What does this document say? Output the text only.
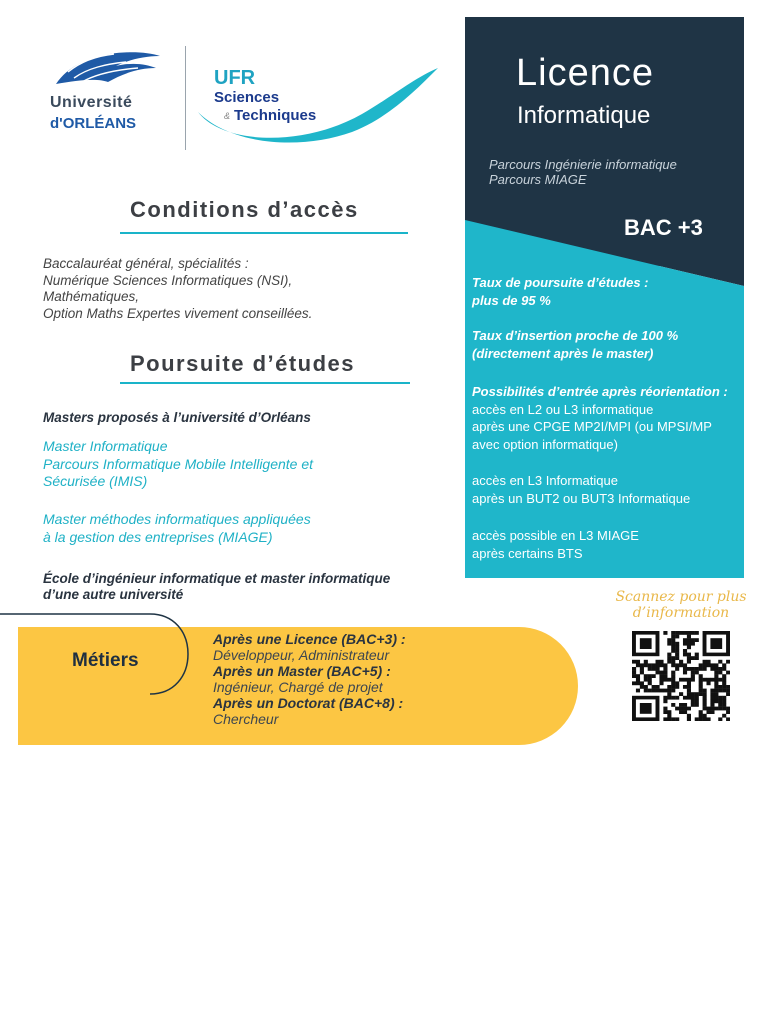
Université
d'ORLÉANS
UFR
Sciences
& Techniques
Conditions d’accès
Baccalauréat général, spécialités :
Numérique Sciences Informatiques (NSI),
Mathématiques,
Option Maths Expertes vivement conseillées.
Poursuite d’études
Masters proposés à l’université d’Orléans
Master Informatique
Parcours Informatique Mobile Intelligente et
Sécurisée (IMIS)
Master méthodes informatiques appliquées
à la gestion des entreprises (MIAGE)
École d’ingénieur informatique et master informatique
d’une autre université
Licence
Informatique
Parcours Ingénierie informatique
Parcours MIAGE
BAC +3
Taux de poursuite d’études :
plus de 95 %
Taux d’insertion proche de 100 %
(directement après le master)
Possibilités d’entrée après réorientation :
accès en L2 ou L3 informatique
après une CPGE MP2I/MPI (ou MPSI/MP
avec option informatique)
accès en L3 Informatique
après un BUT2 ou BUT3 Informatique
accès possible en L3 MIAGE
après certains BTS
Scannez pour plus
d’information
Métiers
Après une Licence (BAC+3) :
Développeur, Administrateur
Après un Master (BAC+5) :
Ingénieur, Chargé de projet
Après un Doctorat (BAC+8) :
Chercheur
